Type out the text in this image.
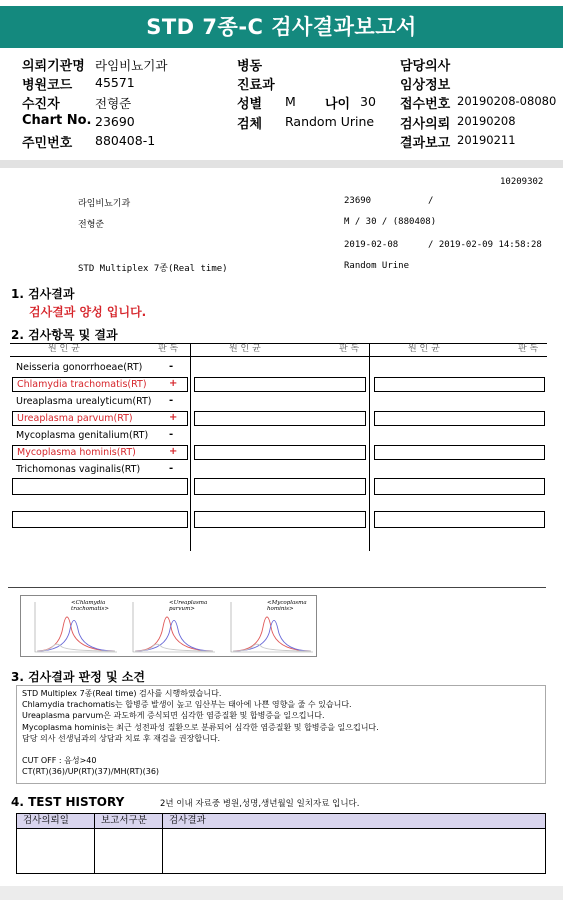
STD 7종-C 검사결과보고서
의뢰기관명 라임비뇨기과
병원코드 45571
수진자	전형준
Chart No. 23690
주민번호 880408-1
병동
진료과
성별 M 나이 30
검체 Random Urine
담당의사
임상정보
접수번호 20190208-08080
검사의뢰 20190208
결과보고 20190211
10209302
라임비뇨기과	23690	/
전형준	M / 30 / (880408)
2019-02-08	/ 2019-02-09 14:58:28
STD Multiplex 7종(Real time)	Random Urine
1. 검사결과
검사결과 양성 입니다.
2. 검사항목 및 결과
원 인 균	판 독	원 인 균	판 독	원 인 균	판 독
Neisseria gonorrhoeae(RT)	-
Chlamydia trachomatis(RT)	+
Ureaplasma urealyticum(RT) -
Ureaplasma parvum(RT)	+
Mycoplasma genitalium(RT) -
Mycoplasma hominis(RT)	+
Trichomonas vaginalis(RT)	-
<Chlamydia trachomatis>
<Ureaplasma parvum>
<Mycoplasma hominis>
3. 검사결과 판정 및 소견
STD Multiplex 7종(Real time) 검사를 시행하였습니다.
Chlamydia trachomatis는 합병증 발생이 높고 임산부는 태아에 나쁜 영향을 줄 수 있습니다.
Ureaplasma parvum은 과도하게 증식되면 심각한 염증질환 및 합병증을 일으킵니다.
Mycoplasma hominis는 최근 성전파성 질환으로 분류되어 심각한 염증질환 및 합병증을 일으킵니다.
담당 의사 선생님과의 상담과 치료 후 재검을 권장합니다.
CUT OFF : 음성>40
CT(RT)(36)/UP(RT)(37)/MH(RT)(36)
4. TEST HISTORY	2년 이내 자료중 병원,성명,생년월일 일치자료 입니다.
검사의뢰일	보고서구분	검사결과
